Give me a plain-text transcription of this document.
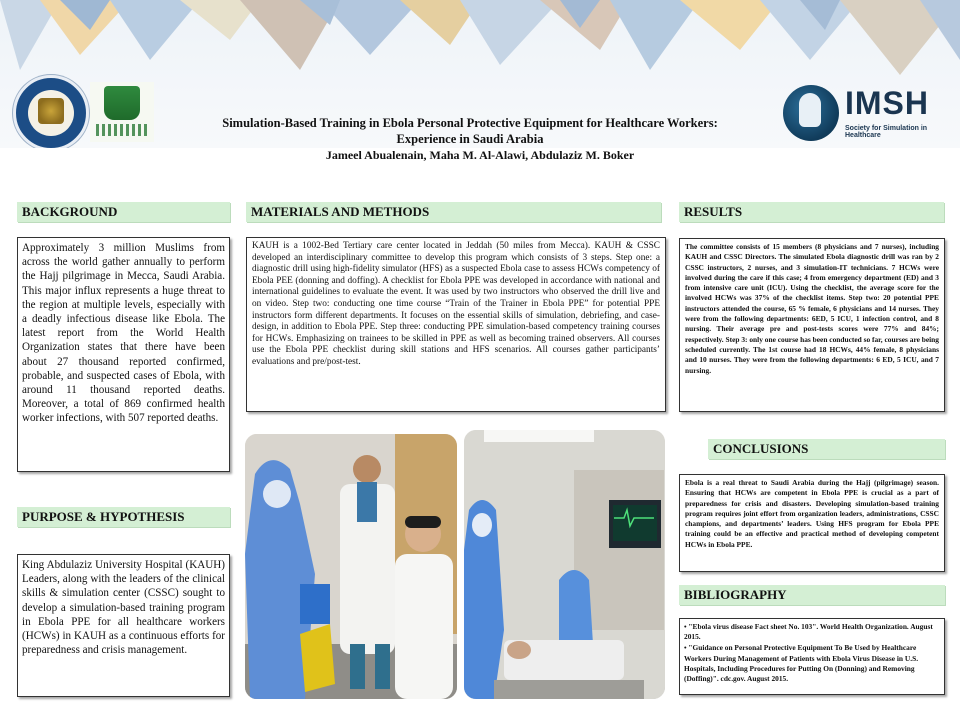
IMSH
Society for Simulation in Healthcare
Simulation-Based Training in Ebola Personal Protective Equipment for Healthcare Workers:
Experience in Saudi Arabia
Jameel Abualenain, Maha M. Al-Alawi, Abdulaziz M. Boker
BACKGROUND
Approximately 3 million Muslims from across the world gather annually to perform the Hajj pilgrimage in Mecca, Saudi Arabia. This major influx represents a huge threat to the region at multiple levels, especially with a deadly infectious disease like Ebola. The latest report from the World Health Organization states that there have been about 27 thousand reported confirmed, probable, and suspected cases of Ebola, with around 11 thousand reported deaths. Moreover, a total of 869 confirmed health worker infections, with 507 reported deaths.
PURPOSE & HYPOTHESIS
King Abdulaziz University Hospital (KAUH) Leaders, along with the leaders of the clinical skills & simulation center (CSSC) sought to develop a simulation-based training program in Ebola PPE for all healthcare workers (HCWs) in KAUH as a continuous efforts for preparedness and crisis management.
MATERIALS AND METHODS
KAUH is a 1002-Bed Tertiary care center located in Jeddah (50 miles from Mecca). KAUH & CSSC developed an interdisciplinary committee to develop this program which consists of 3 steps. Step one: a diagnostic drill using high-fidelity simulator (HFS) as a suspected Ebola case to assess HCWs competency of Ebola PEE (donning and doffing). A checklist for Ebola PPE was developed in accordance with national and international guidelines to evaluate the event. It was used by two instructors who observed the drill live and on video. Step two: conducting one time course “Train of the Trainer in Ebola PPE” for potential PPE instructors form different departments. It focuses on the essential skills of simulation, debriefing, and case-design, in addition to Ebola PPE. Step three: conducting PPE simulation-based competency training courses for HCWs. Emphasizing on trainees to be skilled in PPE as well as becoming trained observers. All courses use the Ebola PPE checklist during skill stations and HFS scenarios. All courses gather participants’ evaluations and pre/post-test.
RESULTS
The committee consists of 15 members (8 physicians and 7 nurses), including KAUH and CSSC Directors. The simulated Ebola diagnostic drill was ran by 2 CSSC instructors, 2 nurses, and 3 simulation-IT technicians. 7 HCWs were involved during the care if this case; 4 from emergency department (ED) and 3 from intensive care unit (ICU). Using the checklist, the average score for the involved HCWs was 37% of the checklist items. Step two: 20 potential PPE instructors attended the course, 65 % female, 6 physicians and 14 nurses. They were from the following departments: 6ED, 5 ICU, 1 infection control, and 8 nursing. Their average pre and post-tests scores were 77% and 84%; respectively. Step 3: only one course has been conducted so far, courses are being scheduled currently. The 1st course had 18 HCWs, 44% female, 8 physicians and 10 nurses. They were from the following departments: 6 ED, 5 ICU, and 7 nursing.
CONCLUSIONS
Ebola is a real threat to Saudi Arabia during the Hajj (pilgrimage) season. Ensuring that HCWs are competent in Ebola PPE is crucial as a part of preparedness for crisis and disasters. Developing simulation-based training program requires joint effort from organization leaders, administrations, CSSC champions, and departments’ leaders. Using HFS program for Ebola PPE training could be an effective and practical method of developing competent HCWs in Ebola PPE.
BIBLIOGRAPHY

• "Ebola virus disease Fact sheet No. 103". World Health Organization. August 2015.

• "Guidance on Personal Protective Equipment To Be Used by Healthcare Workers During Management of Patients with Ebola Virus Disease in U.S. Hospitals, Including Procedures for Putting On (Donning) and Removing (Doffing)". cdc.gov. August 2015.
